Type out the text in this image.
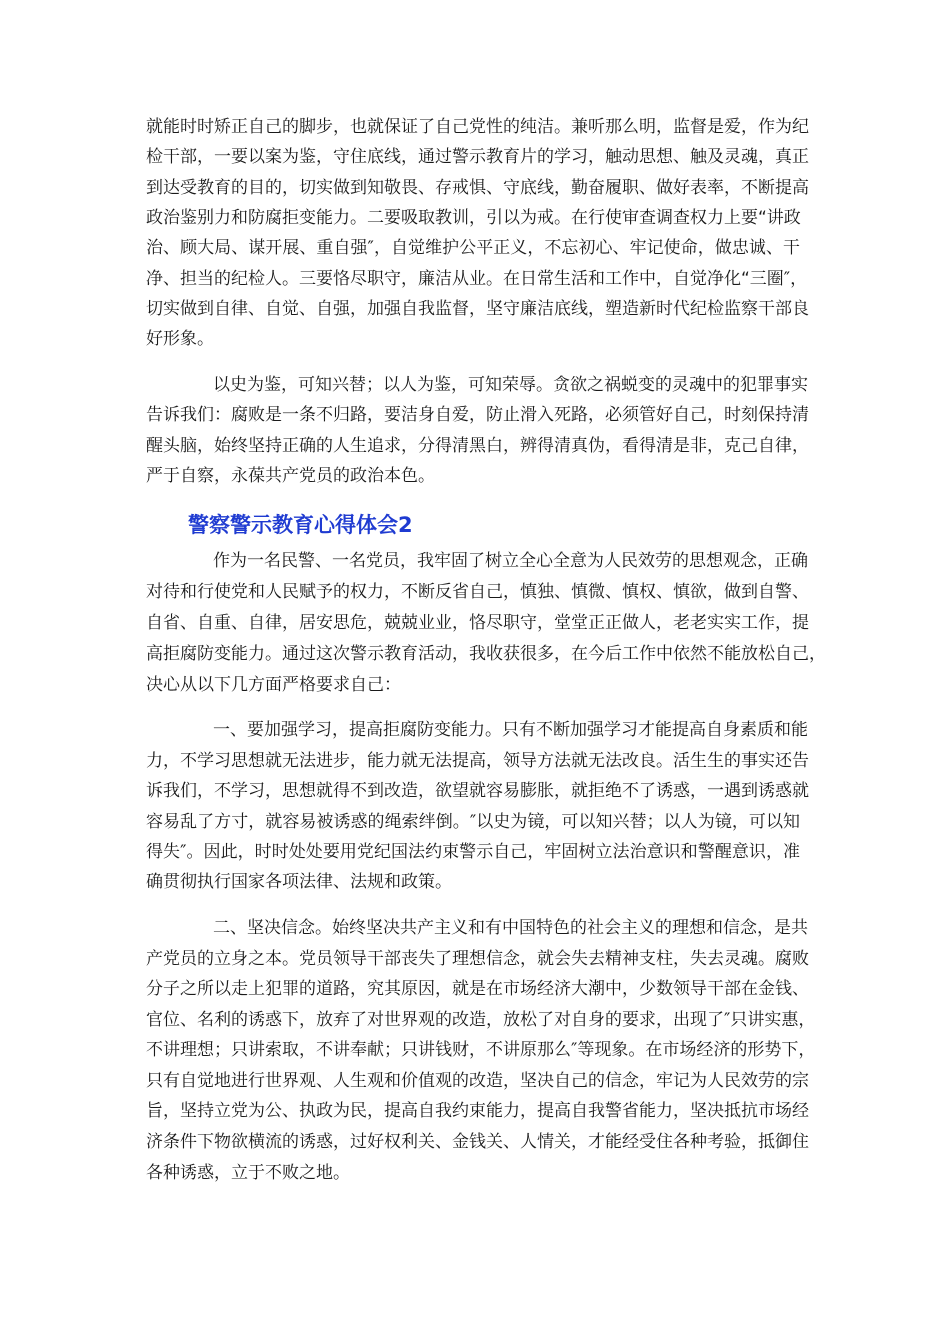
警察警示教育心得体会2
就能时时矫正自己的脚步，也就保证了自己党性的纯洁。兼听那么明，监督是爱，作为纪
检干部，一要以案为鉴，守住底线，通过警示教育片的学习，触动思想、触及灵魂，真正
到达受教育的目的，切实做到知敬畏、存戒惧、守底线，勤奋履职、做好表率，不断提高
政治鉴别力和防腐拒变能力。二要吸取教训，引以为戒。在行使审查调查权力上要“讲政
治、顾大局、谋开展、重自强″，自觉维护公平正义，不忘初心、牢记使命，做忠诚、干
净、担当的纪检人。三要恪尽职守，廉洁从业。在日常生活和工作中，自觉净化“三圈″，
切实做到自律、自觉、自强，加强自我监督，坚守廉洁底线，塑造新时代纪检监察干部良
好形象。
以史为鉴，可知兴替；以人为鉴，可知荣辱。贪欲之祸蜕变的灵魂中的犯罪事实
告诉我们：腐败是一条不归路，要洁身自爱，防止滑入死路，必须管好自己，时刻保持清
醒头脑，始终坚持正确的人生追求，分得清黑白，辨得清真伪，看得清是非，克己自律，
严于自察，永葆共产党员的政治本色。
作为一名民警、一名党员，我牢固了树立全心全意为人民效劳的思想观念，正确
对待和行使党和人民赋予的权力，不断反省自己，慎独、慎微、慎权、慎欲，做到自警、
自省、自重、自律，居安思危，兢兢业业，恪尽职守，堂堂正正做人，老老实实工作，提
高拒腐防变能力。通过这次警示教育活动，我收获很多，在今后工作中依然不能放松自己，
决心从以下几方面严格要求自己：
一、要加强学习，提高拒腐防变能力。只有不断加强学习才能提高自身素质和能
力，不学习思想就无法进步，能力就无法提高，领导方法就无法改良。活生生的事实还告
诉我们，不学习，思想就得不到改造，欲望就容易膨胀，就拒绝不了诱惑，一遇到诱惑就
容易乱了方寸，就容易被诱惑的绳索绊倒。″以史为镜，可以知兴替；以人为镜，可以知
得失″。因此，时时处处要用党纪国法约束警示自己，牢固树立法治意识和警醒意识，准
确贯彻执行国家各项法律、法规和政策。
二、坚决信念。始终坚决共产主义和有中国特色的社会主义的理想和信念，是共
产党员的立身之本。党员领导干部丧失了理想信念，就会失去精神支柱，失去灵魂。腐败
分子之所以走上犯罪的道路，究其原因，就是在市场经济大潮中，少数领导干部在金钱、
官位、名利的诱惑下，放弃了对世界观的改造，放松了对自身的要求，出现了″只讲实惠，
不讲理想；只讲索取，不讲奉献；只讲钱财，不讲原那么″等现象。在市场经济的形势下，
只有自觉地进行世界观、人生观和价值观的改造，坚决自己的信念，牢记为人民效劳的宗
旨，坚持立党为公、执政为民，提高自我约束能力，提高自我警省能力，坚决抵抗市场经
济条件下物欲横流的诱惑，过好权利关、金钱关、人情关，才能经受住各种考验，抵御住
各种诱惑，立于不败之地。
